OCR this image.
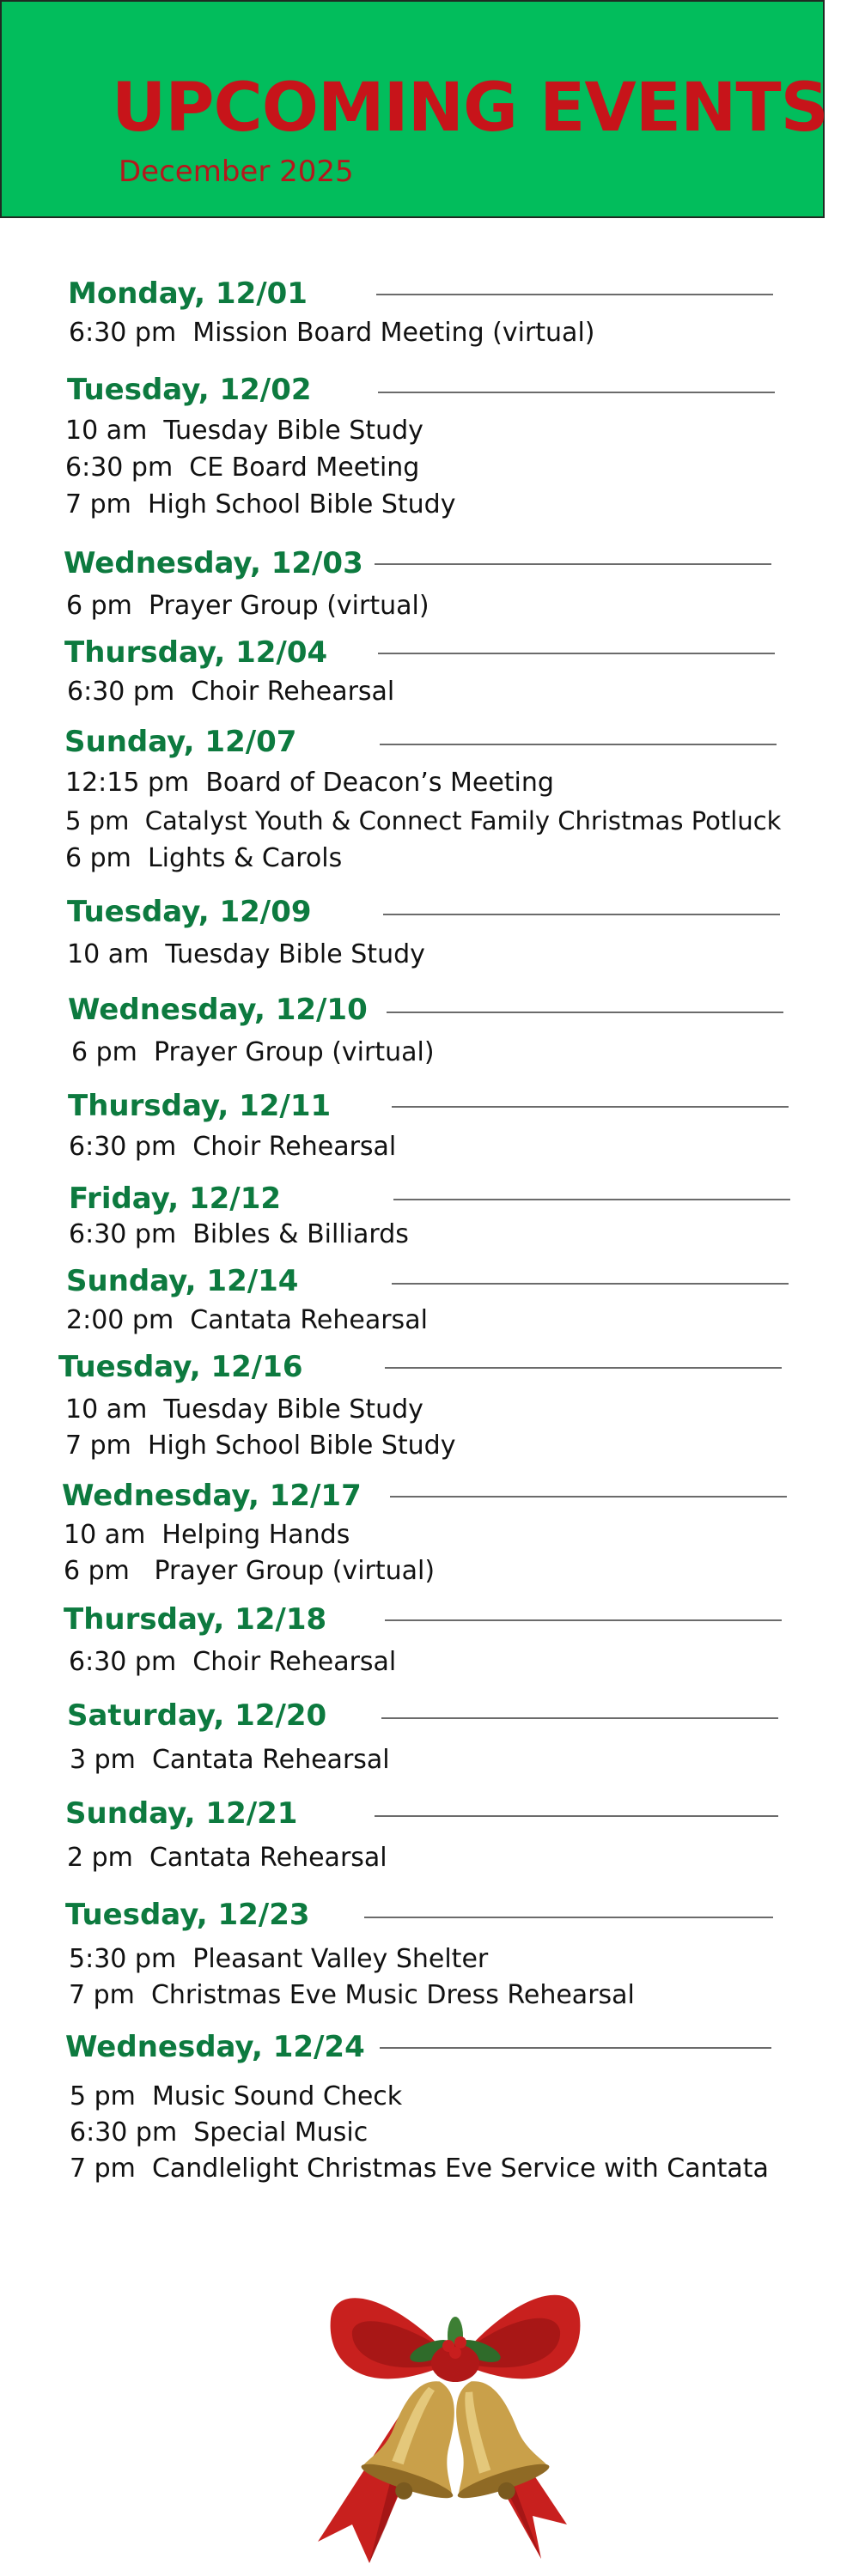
UPCOMING EVENTS
December 2025
Monday, 12/01
6:30 pm  Mission Board Meeting (virtual)
Tuesday, 12/02
10 am  Tuesday Bible Study
6:30 pm  CE Board Meeting
7 pm  High School Bible Study
Wednesday, 12/03
6 pm  Prayer Group (virtual)
Thursday, 12/04
6:30 pm  Choir Rehearsal
Sunday, 12/07
12:15 pm  Board of Deacon’s Meeting
5 pm  Catalyst Youth & Connect Family Christmas Potluck
6 pm  Lights & Carols
Tuesday, 12/09
10 am  Tuesday Bible Study
Wednesday, 12/10
6 pm  Prayer Group (virtual)
Thursday, 12/11
6:30 pm  Choir Rehearsal
Friday, 12/12
6:30 pm  Bibles & Billiards
Sunday, 12/14
2:00 pm  Cantata Rehearsal
Tuesday, 12/16
10 am  Tuesday Bible Study
7 pm  High School Bible Study
Wednesday, 12/17
10 am  Helping Hands
6 pm   Prayer Group (virtual)
Thursday, 12/18
6:30 pm  Choir Rehearsal
Saturday, 12/20
3 pm  Cantata Rehearsal
Sunday, 12/21
2 pm  Cantata Rehearsal
Tuesday, 12/23
5:30 pm  Pleasant Valley Shelter
7 pm  Christmas Eve Music Dress Rehearsal
Wednesday, 12/24
5 pm  Music Sound Check
6:30 pm  Special Music
7 pm  Candlelight Christmas Eve Service with Cantata
